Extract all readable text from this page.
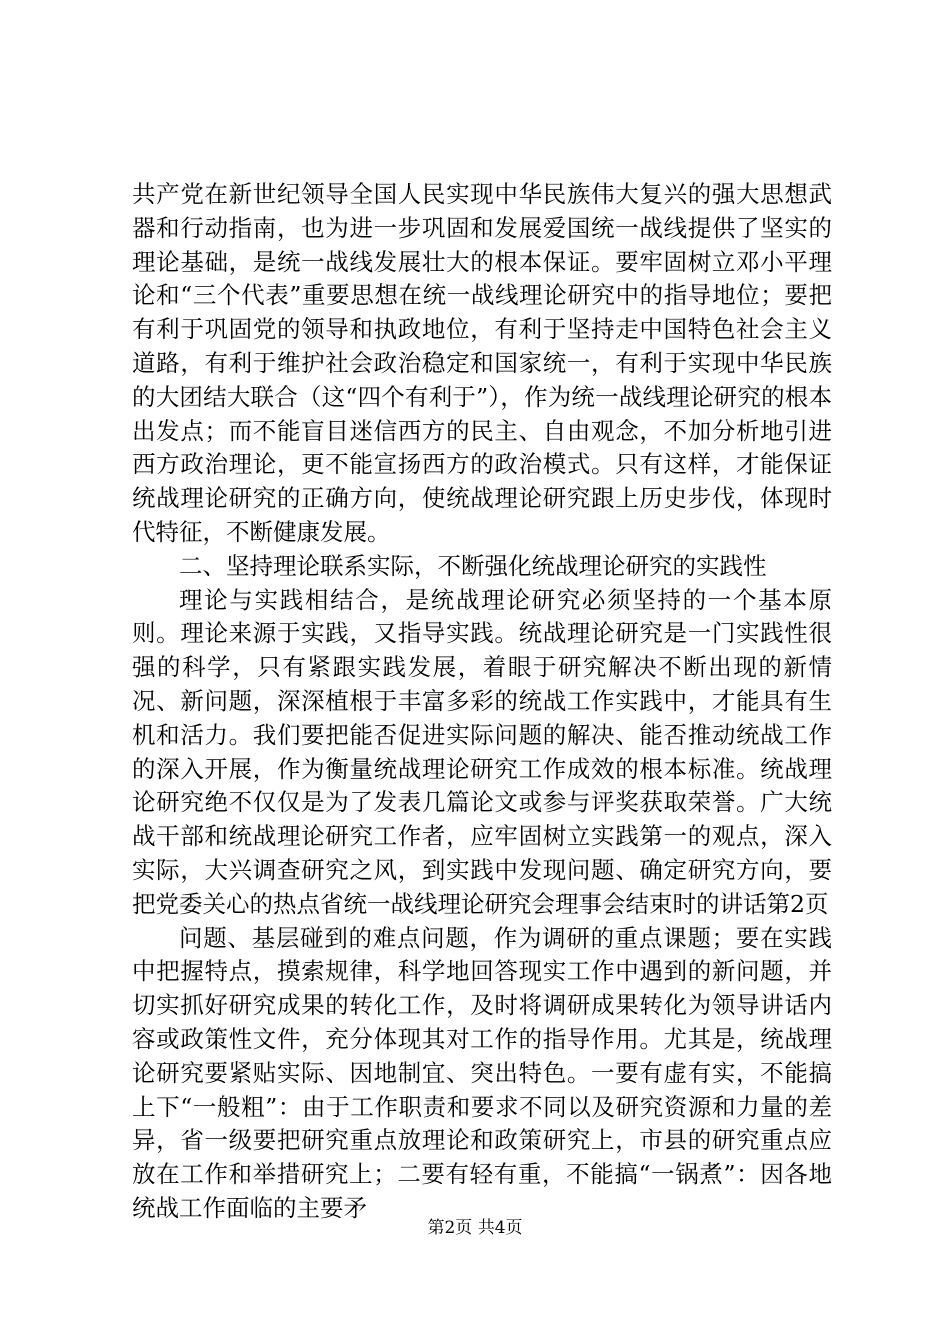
共产党在新世纪领导全国人民实现中华民族伟大复兴的强大思想武器和行动指南，也为进一步巩固和发展爱国统一战线提供了坚实的理论基础，是统一战线发展壮大的根本保证。要牢固树立邓小平理论和“三个代表”重要思想在统一战线理论研究中的指导地位；要把有利于巩固党的领导和执政地位，有利于坚持走中国特色社会主义道路，有利于维护社会政治稳定和国家统一，有利于实现中华民族的大团结大联合（这“四个有利于”），作为统一战线理论研究的根本出发点；而不能盲目迷信西方的民主、自由观念，不加分析地引进西方政治理论，更不能宣扬西方的政治模式。只有这样，才能保证统战理论研究的正确方向，使统战理论研究跟上历史步伐，体现时代特征，不断健康发展。

二、坚持理论联系实际，不断强化统战理论研究的实践性

理论与实践相结合，是统战理论研究必须坚持的一个基本原则。理论来源于实践，又指导实践。统战理论研究是一门实践性很强的科学，只有紧跟实践发展，着眼于研究解决不断出现的新情况、新问题，深深植根于丰富多彩的统战工作实践中，才能具有生机和活力。我们要把能否促进实际问题的解决、能否推动统战工作的深入开展，作为衡量统战理论研究工作成效的根本标准。统战理论研究绝不仅仅是为了发表几篇论文或参与评奖获取荣誉。广大统战干部和统战理论研究工作者，应牢固树立实践第一的观点，深入实际，大兴调查研究之风，到实践中发现问题、确定研究方向，要把党委关心的热点省统一战线理论研究会理事会结束时的讲话第2页

问题、基层碰到的难点问题，作为调研的重点课题；要在实践中把握特点，摸索规律，科学地回答现实工作中遇到的新问题，并切实抓好研究成果的转化工作，及时将调研成果转化为领导讲话内容或政策性文件，充分体现其对工作的指导作用。尤其是，统战理论研究要紧贴实际、因地制宜、突出特色。一要有虚有实，不能搞上下“一般粗”：由于工作职责和要求不同以及研究资源和力量的差异，省一级要把研究重点放理论和政策研究上，市县的研究重点应放在工作和举措研究上；二要有轻有重，不能搞“一锅煮”：因各地统战工作面临的主要矛

第2页 共4页
